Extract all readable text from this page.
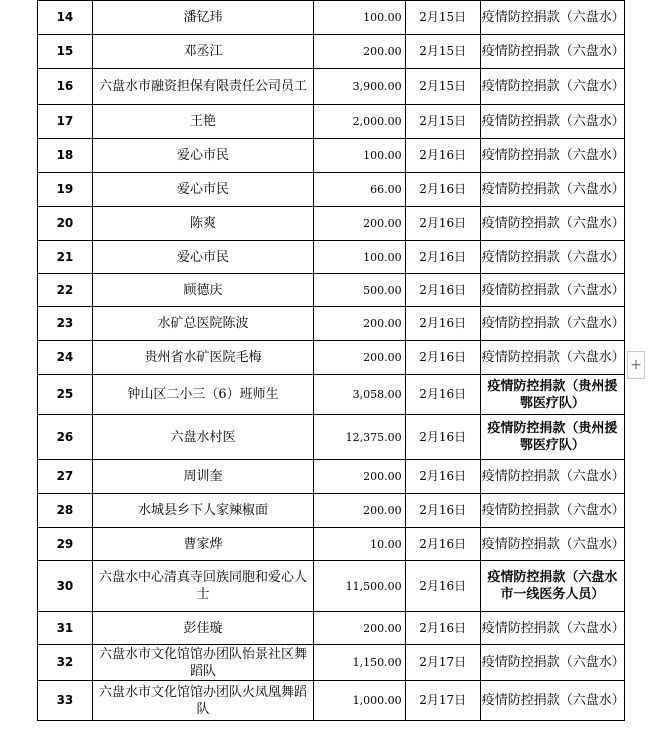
14	潘钇玮	100.00	2月15日	疫情防控捐款（六盘水）
15	邓丞江	200.00	2月15日	疫情防控捐款（六盘水）
16	六盘水市融资担保有限责任公司员工	3,900.00	2月15日	疫情防控捐款（六盘水）
17	王艳	2,000.00	2月15日	疫情防控捐款（六盘水）
18	爱心市民	100.00	2月16日	疫情防控捐款（六盘水）
19	爱心市民	66.00	2月16日	疫情防控捐款（六盘水）
20	陈爽	200.00	2月16日	疫情防控捐款（六盘水）
21	爱心市民	100.00	2月16日	疫情防控捐款（六盘水）
22	顾德庆	500.00	2月16日	疫情防控捐款（六盘水）
23	水矿总医院陈波	200.00	2月16日	疫情防控捐款（六盘水）
24	贵州省水矿医院毛梅	200.00	2月16日	疫情防控捐款（六盘水）
25	钟山区二小三（6）班师生	3,058.00	2月16日	疫情防控捐款（贵州援鄂医疗队）
26	六盘水村医	12,375.00	2月16日	疫情防控捐款（贵州援鄂医疗队）
27	周训奎	200.00	2月16日	疫情防控捐款（六盘水）
28	水城县乡下人家辣椒面	200.00	2月16日	疫情防控捐款（六盘水）
29	曹家烨	10.00	2月16日	疫情防控捐款（六盘水）
30	六盘水中心清真寺回族同胞和爱心人士	11,500.00	2月16日	疫情防控捐款（六盘水市一线医务人员）
31	彭佳璇	200.00	2月16日	疫情防控捐款（六盘水）
32	六盘水市文化馆馆办团队怡景社区舞蹈队	1,150.00	2月17日	疫情防控捐款（六盘水）
33	六盘水市文化馆馆办团队火凤凰舞蹈队	1,000.00	2月17日	疫情防控捐款（六盘水）
+
